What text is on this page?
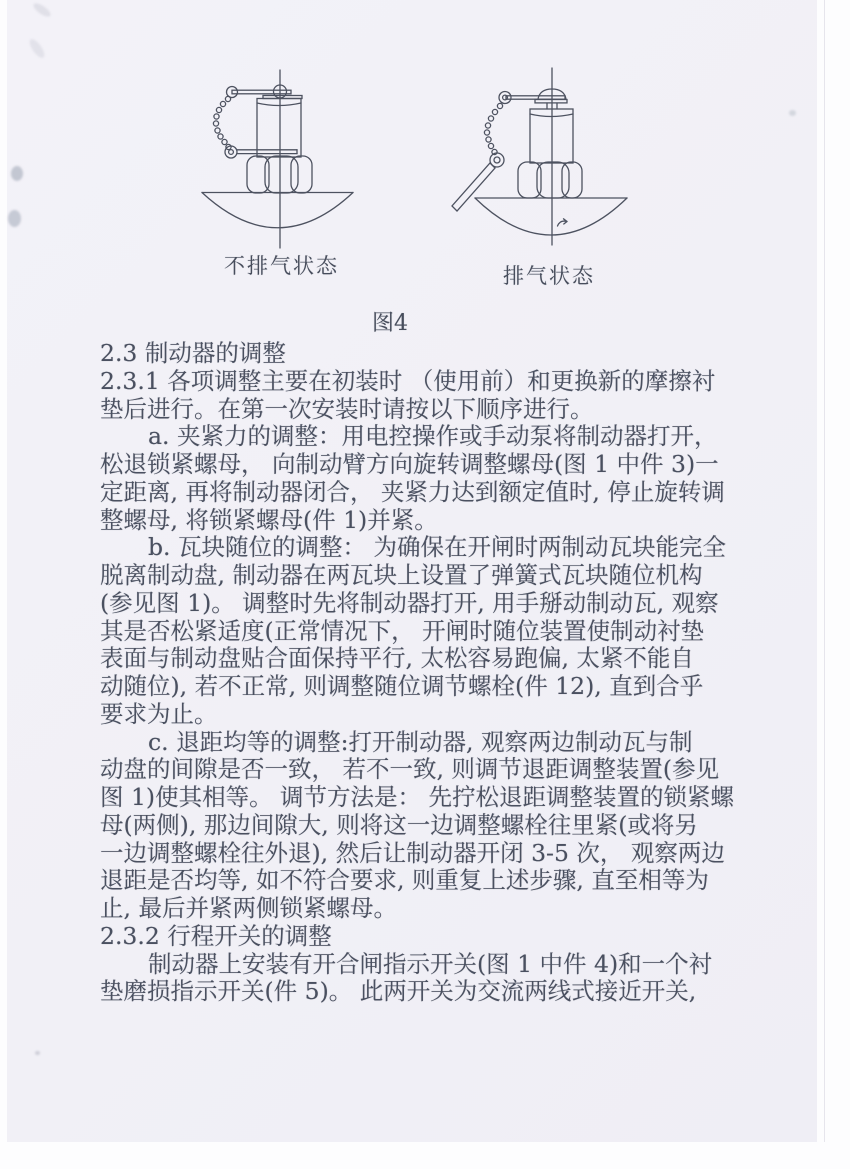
不排气状态	排气状态
图4
2.3 制动器的调整
2.3.1 各项调整主要在初装时 （使用前）和更换新的摩擦衬
垫后进行。在第一次安装时请按以下顺序进行。
a. 夹紧力的调整：用电控操作或手动泵将制动器打开，
松退锁紧螺母， 向制动臂方向旋转调整螺母(图 1 中件 3)一
定距离, 再将制动器闭合， 夹紧力达到额定值时, 停止旋转调
整螺母, 将锁紧螺母(件 1)并紧。
b. 瓦块随位的调整： 为确保在开闸时两制动瓦块能完全
脱离制动盘, 制动器在两瓦块上设置了弹簧式瓦块随位机构
(参见图 1)。 调整时先将制动器打开, 用手掰动制动瓦, 观察
其是否松紧适度(正常情况下， 开闸时随位装置使制动衬垫
表面与制动盘贴合面保持平行, 太松容易跑偏, 太紧不能自
动随位), 若不正常, 则调整随位调节螺栓(件 12), 直到合乎
要求为止。
c. 退距均等的调整:打开制动器, 观察两边制动瓦与制
动盘的间隙是否一致， 若不一致, 则调节退距调整装置(参见
图 1)使其相等。 调节方法是： 先拧松退距调整装置的锁紧螺
母(两侧), 那边间隙大, 则将这一边调整螺栓往里紧(或将另
一边调整螺栓往外退), 然后让制动器开闭 3-5 次， 观察两边
退距是否均等, 如不符合要求, 则重复上述步骤, 直至相等为
止, 最后并紧两侧锁紧螺母。
2.3.2 行程开关的调整
制动器上安装有开合闸指示开关(图 1 中件 4)和一个衬
垫磨损指示开关(件 5)。 此两开关为交流两线式接近开关,
